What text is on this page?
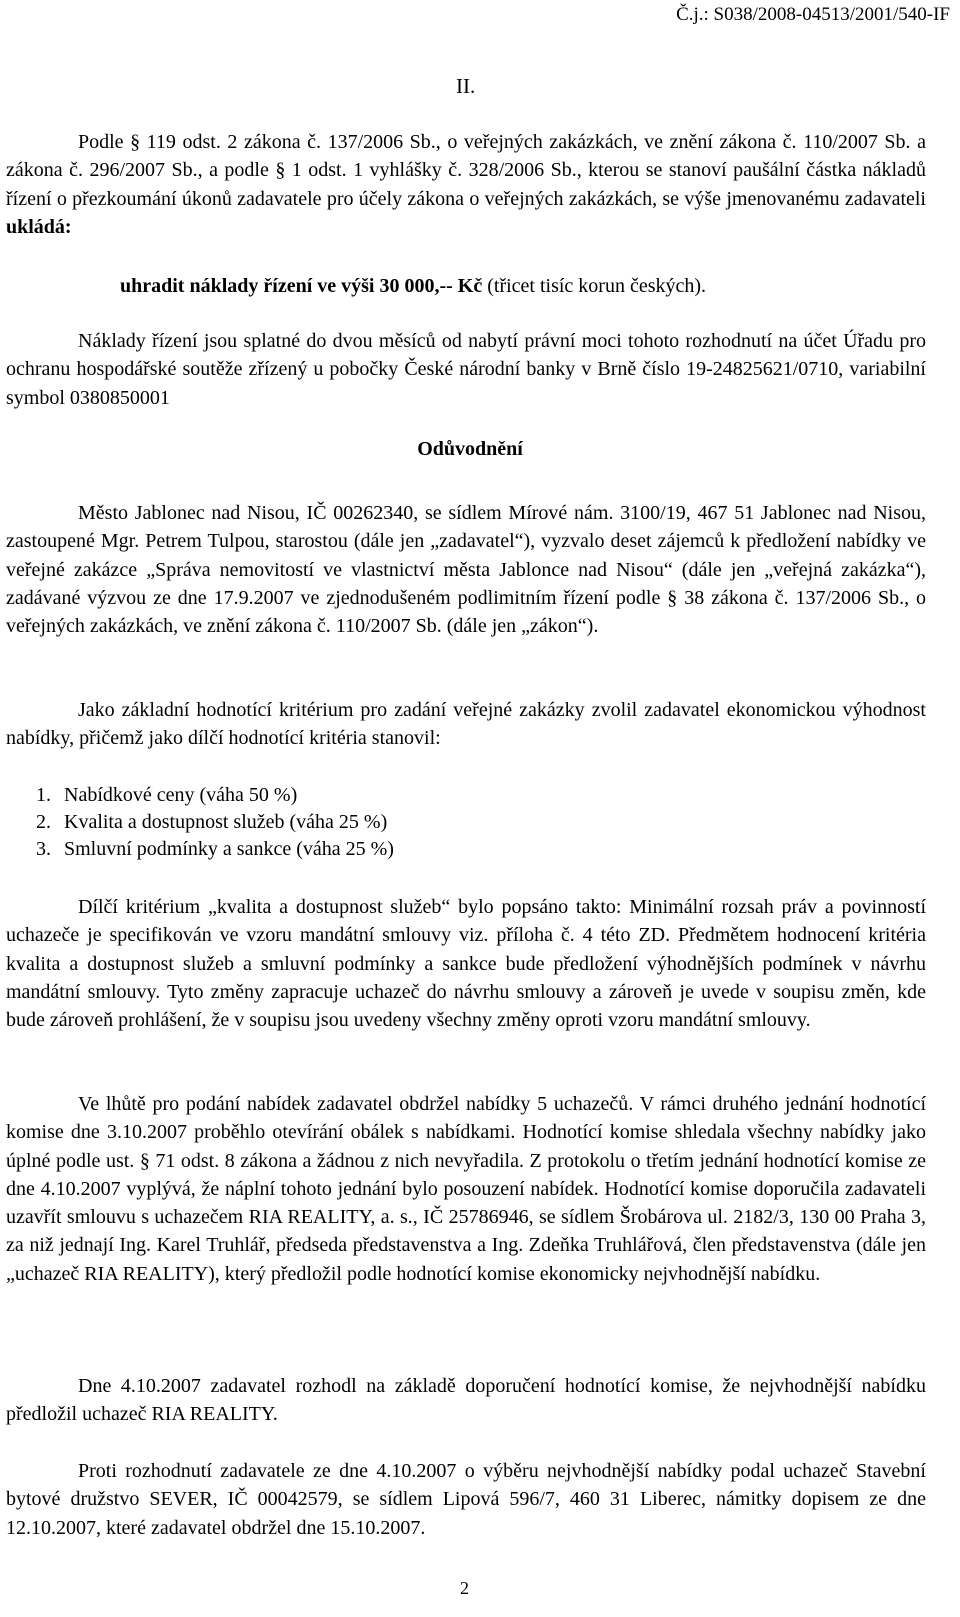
Č.j.: S038/2008-04513/2001/540-IF
II.

Podle § 119 odst. 2 zákona č. 137/2006 Sb., o veřejných zakázkách, ve znění zákona č. 110/2007 Sb. a zákona č. 296/2007 Sb., a podle § 1 odst. 1 vyhlášky č. 328/2006 Sb., kterou se stanoví paušální částka nákladů řízení o přezkoumání úkonů zadavatele pro účely zákona o veřejných zakázkách, se výše jmenovanému zadavateli ukládá:

uhradit náklady řízení ve výši 30 000,-- Kč (třicet tisíc korun českých).

Náklady řízení jsou splatné do dvou měsíců od nabytí právní moci tohoto rozhodnutí na účet Úřadu pro ochranu hospodářské soutěže zřízený u pobočky České národní banky v Brně číslo 19-24825621/0710, variabilní symbol 0380850001

Odůvodnění

Město Jablonec nad Nisou, IČ 00262340, se sídlem Mírové nám. 3100/19, 467 51 Jablonec nad Nisou, zastoupené Mgr. Petrem Tulpou, starostou (dále jen „zadavatel“), vyzvalo deset zájemců k předložení nabídky ve veřejné zakázce „Správa nemovitostí ve vlastnictví města Jablonce nad Nisou“ (dále jen „veřejná zakázka“), zadávané výzvou ze dne 17.9.2007 ve zjednodušeném podlimitním řízení podle § 38 zákona č. 137/2006 Sb., o veřejných zakázkách, ve znění zákona č. 110/2007 Sb. (dále jen „zákon“).

Jako základní hodnotící kritérium pro zadání veřejné zakázky zvolil zadavatel ekonomickou výhodnost nabídky, přičemž jako dílčí hodnotící kritéria stanovil:

1. Nabídkové ceny (váha 50 %)
2. Kvalita a dostupnost služeb (váha 25 %)
3. Smluvní podmínky a sankce (váha 25 %)

Dílčí kritérium „kvalita a dostupnost služeb“ bylo popsáno takto: Minimální rozsah práv a povinností uchazeče je specifikován ve vzoru mandátní smlouvy viz. příloha č. 4 této ZD. Předmětem hodnocení kritéria kvalita a dostupnost služeb a smluvní podmínky a sankce bude předložení výhodnějších podmínek v návrhu mandátní smlouvy. Tyto změny zapracuje uchazeč do návrhu smlouvy a zároveň je uvede v soupisu změn, kde bude zároveň prohlášení, že v soupisu jsou uvedeny všechny změny oproti vzoru mandátní smlouvy.

Ve lhůtě pro podání nabídek zadavatel obdržel nabídky 5 uchazečů. V rámci druhého jednání hodnotící komise dne 3.10.2007 proběhlo otevírání obálek s nabídkami. Hodnotící komise shledala všechny nabídky jako úplné podle ust. § 71 odst. 8 zákona a žádnou z nich nevyřadila. Z protokolu o třetím jednání hodnotící komise ze dne 4.10.2007 vyplývá, že náplní tohoto jednání bylo posouzení nabídek. Hodnotící komise doporučila zadavateli uzavřít smlouvu s uchazečem RIA REALITY, a. s., IČ 25786946, se sídlem Šrobárova ul. 2182/3, 130 00 Praha 3, za niž jednají Ing. Karel Truhlář, předseda představenstva a Ing. Zdeňka Truhlářová, člen představenstva (dále jen „uchazeč RIA REALITY), který předložil podle hodnotící komise ekonomicky nejvhodnější nabídku.

Dne 4.10.2007 zadavatel rozhodl na základě doporučení hodnotící komise, že nejvhodnější nabídku předložil uchazeč RIA REALITY.

Proti rozhodnutí zadavatele ze dne 4.10.2007 o výběru nejvhodnější nabídky podal uchazeč Stavební bytové družstvo SEVER, IČ 00042579, se sídlem Lipová 596/7, 460 31 Liberec, námitky dopisem ze dne 12.10.2007, které zadavatel obdržel dne 15.10.2007.

2
